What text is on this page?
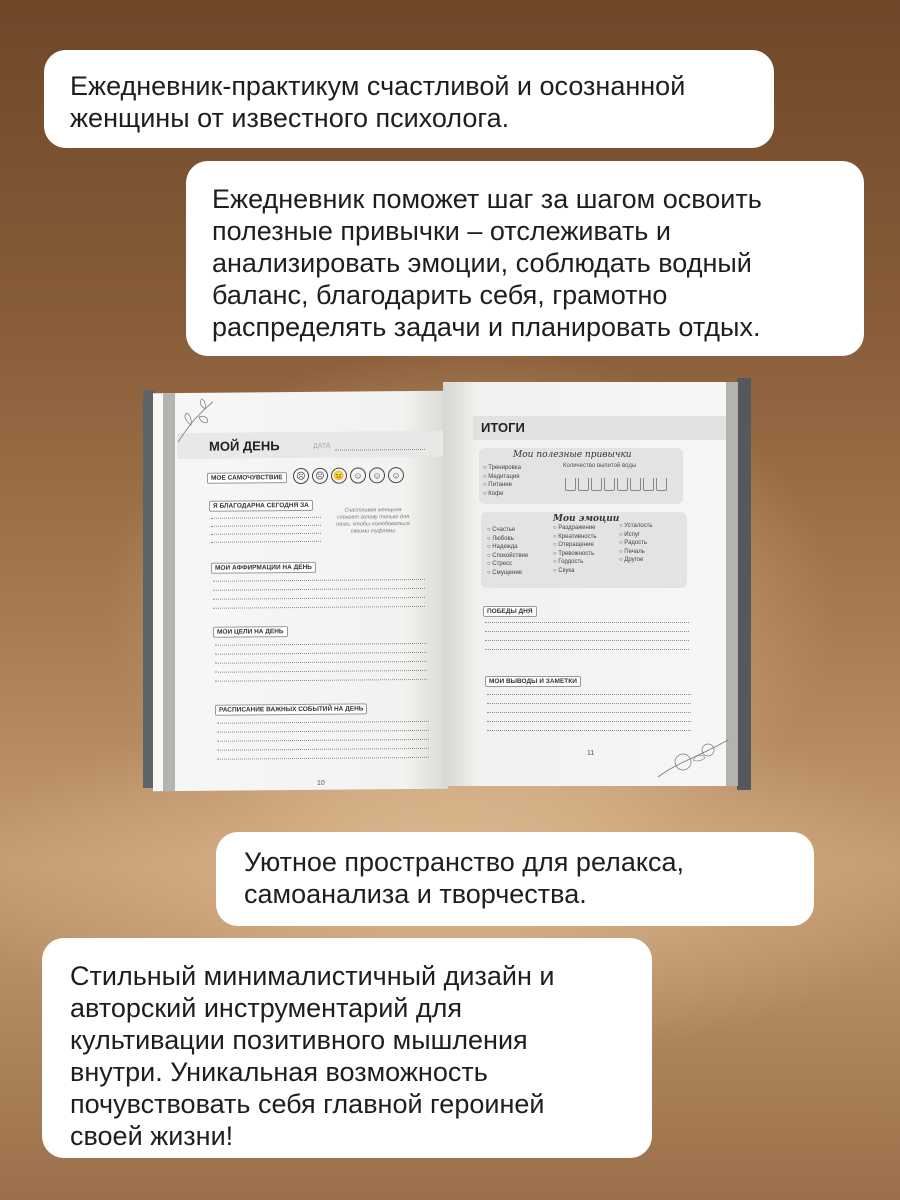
Ежедневник-практикум счастливой и осознанной женщины от известного психолога.
Ежедневник поможет шаг за шагом освоить полезные привычки – отслеживать и анализировать эмоции, соблюдать водный баланс, благодарить себя, грамотно распределять задачи и планировать отдых.
МОЙ ДЕНЬ	ДАТА
МОЕ САМОЧУВСТВИЕ	☹	☹ 😐 ☺	☺	☺
Я БЛАГОДАРНА СЕГОДНЯ ЗА
Счастливая женщина спокоет голову только для того, чтобы полюбоваться своими туфлями
МОИ АФФИРМАЦИИ НА ДЕНЬ
МОИ ЦЕЛИ НА ДЕНЬ
РАСПИСАНИЕ ВАЖНЫХ СОБЫТИЙ НА ДЕНЬ
10
ИТОГИ
Мои полезные привычки
○ Тренировка
○ Медитация
○ Питание
○ Кофе
Количество выпитой воды
Мои эмоции
○ Счастье
○ Любовь
○ Надежда
○ Спокойствие
○ Стресс
○ Смущение
○ Раздражение
○ Креативность
○ Отвращение
○ Тревожность
○ Гордость
○ Скука
○ Усталость
○ Испуг
○ Радость
○ Печаль
○ Другое
ПОБЕДЫ ДНЯ
МОИ ВЫВОДЫ И ЗАМЕТКИ
11
Уютное пространство для релакса, самоанализа и творчества.
Стильный минималистичный дизайн и авторский инструментарий для культивации позитивного мышления внутри. Уникальная возможность почувствовать себя главной героиней своей жизни!
